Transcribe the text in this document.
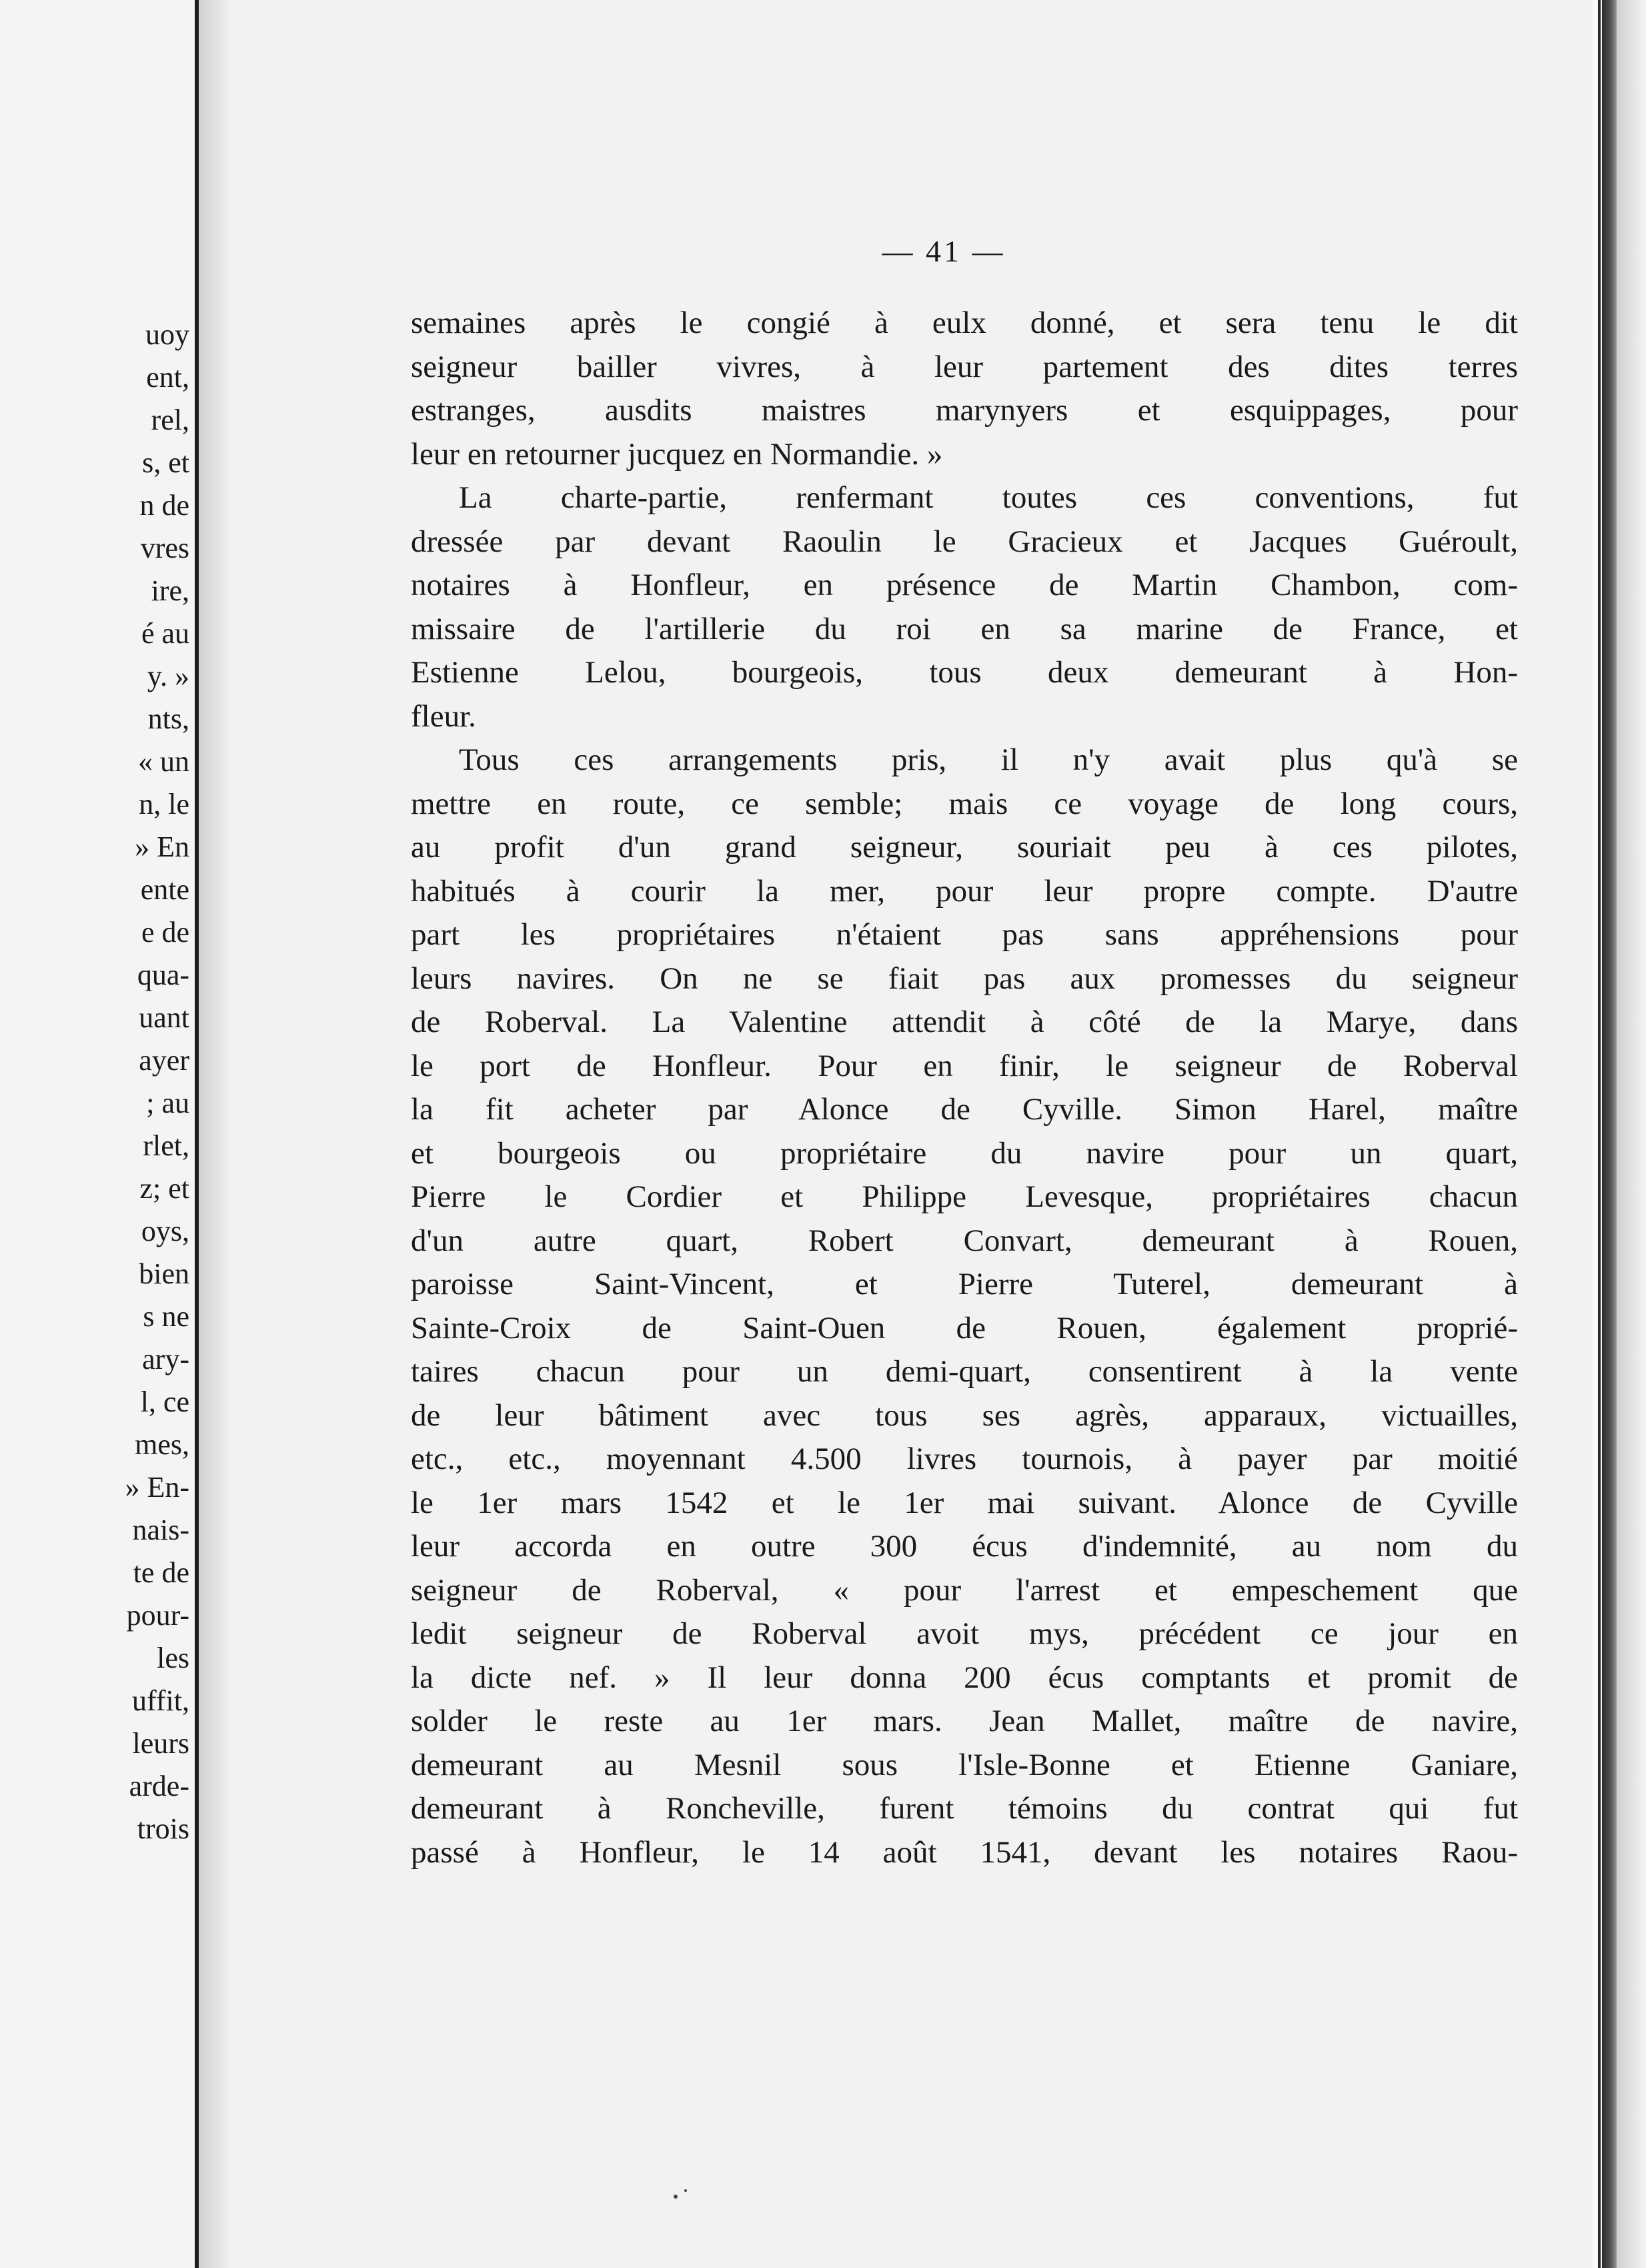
uoy
ent,
rel,
s, et
n de
vres
ire,
é au
y. »
nts,
« un
n, le
» En
ente
e de
qua-
uant
ayer
; au
rlet,
z; et
oys,
bien
s ne
ary-
l, ce
mes,
» En-
nais-
te de
pour-
les
uffit,
leurs
arde-
trois
— 41 —
semaines après le congié à eulx donné, et sera tenu le dit
seigneur bailler vivres, à leur partement des dites terres
estranges, ausdits maistres marynyers et esquippages, pour
leur en retourner jucquez en Normandie. »
La charte-partie, renfermant toutes ces conventions, fut
dressée par devant Raoulin le Gracieux et Jacques Guéroult,
notaires à Honfleur, en présence de Martin Chambon, com-
missaire de l'artillerie du roi en sa marine de France, et
Estienne Lelou, bourgeois, tous deux demeurant à Hon-
fleur.
Tous ces arrangements pris, il n'y avait plus qu'à se
mettre en route, ce semble; mais ce voyage de long cours,
au profit d'un grand seigneur, souriait peu à ces pilotes,
habitués à courir la mer, pour leur propre compte. D'autre
part les propriétaires n'étaient pas sans appréhensions pour
leurs navires. On ne se fiait pas aux promesses du seigneur
de Roberval. La Valentine attendit à côté de la Marye, dans
le port de Honfleur. Pour en finir, le seigneur de Roberval
la fit acheter par Alonce de Cyville. Simon Harel, maître
et bourgeois ou propriétaire du navire pour un quart,
Pierre le Cordier et Philippe Levesque, propriétaires chacun
d'un autre quart, Robert Convart, demeurant à Rouen,
paroisse Saint-Vincent, et Pierre Tuterel, demeurant à
Sainte-Croix de Saint-Ouen de Rouen, également proprié-
taires chacun pour un demi-quart, consentirent à la vente
de leur bâtiment avec tous ses agrès, apparaux, victuailles,
etc., etc., moyennant 4.500 livres tournois, à payer par moitié
le 1er mars 1542 et le 1er mai suivant. Alonce de Cyville
leur accorda en outre 300 écus d'indemnité, au nom du
seigneur de Roberval, « pour l'arrest et empeschement que
ledit seigneur de Roberval avoit mys, précédent ce jour en
la dicte nef. » Il leur donna 200 écus comptants et promit de
solder le reste au 1er mars. Jean Mallet, maître de navire,
demeurant au Mesnil sous l'Isle-Bonne et Etienne Ganiare,
demeurant à Roncheville, furent témoins du contrat qui fut
passé à Honfleur, le 14 août 1541, devant les notaires Raou-
